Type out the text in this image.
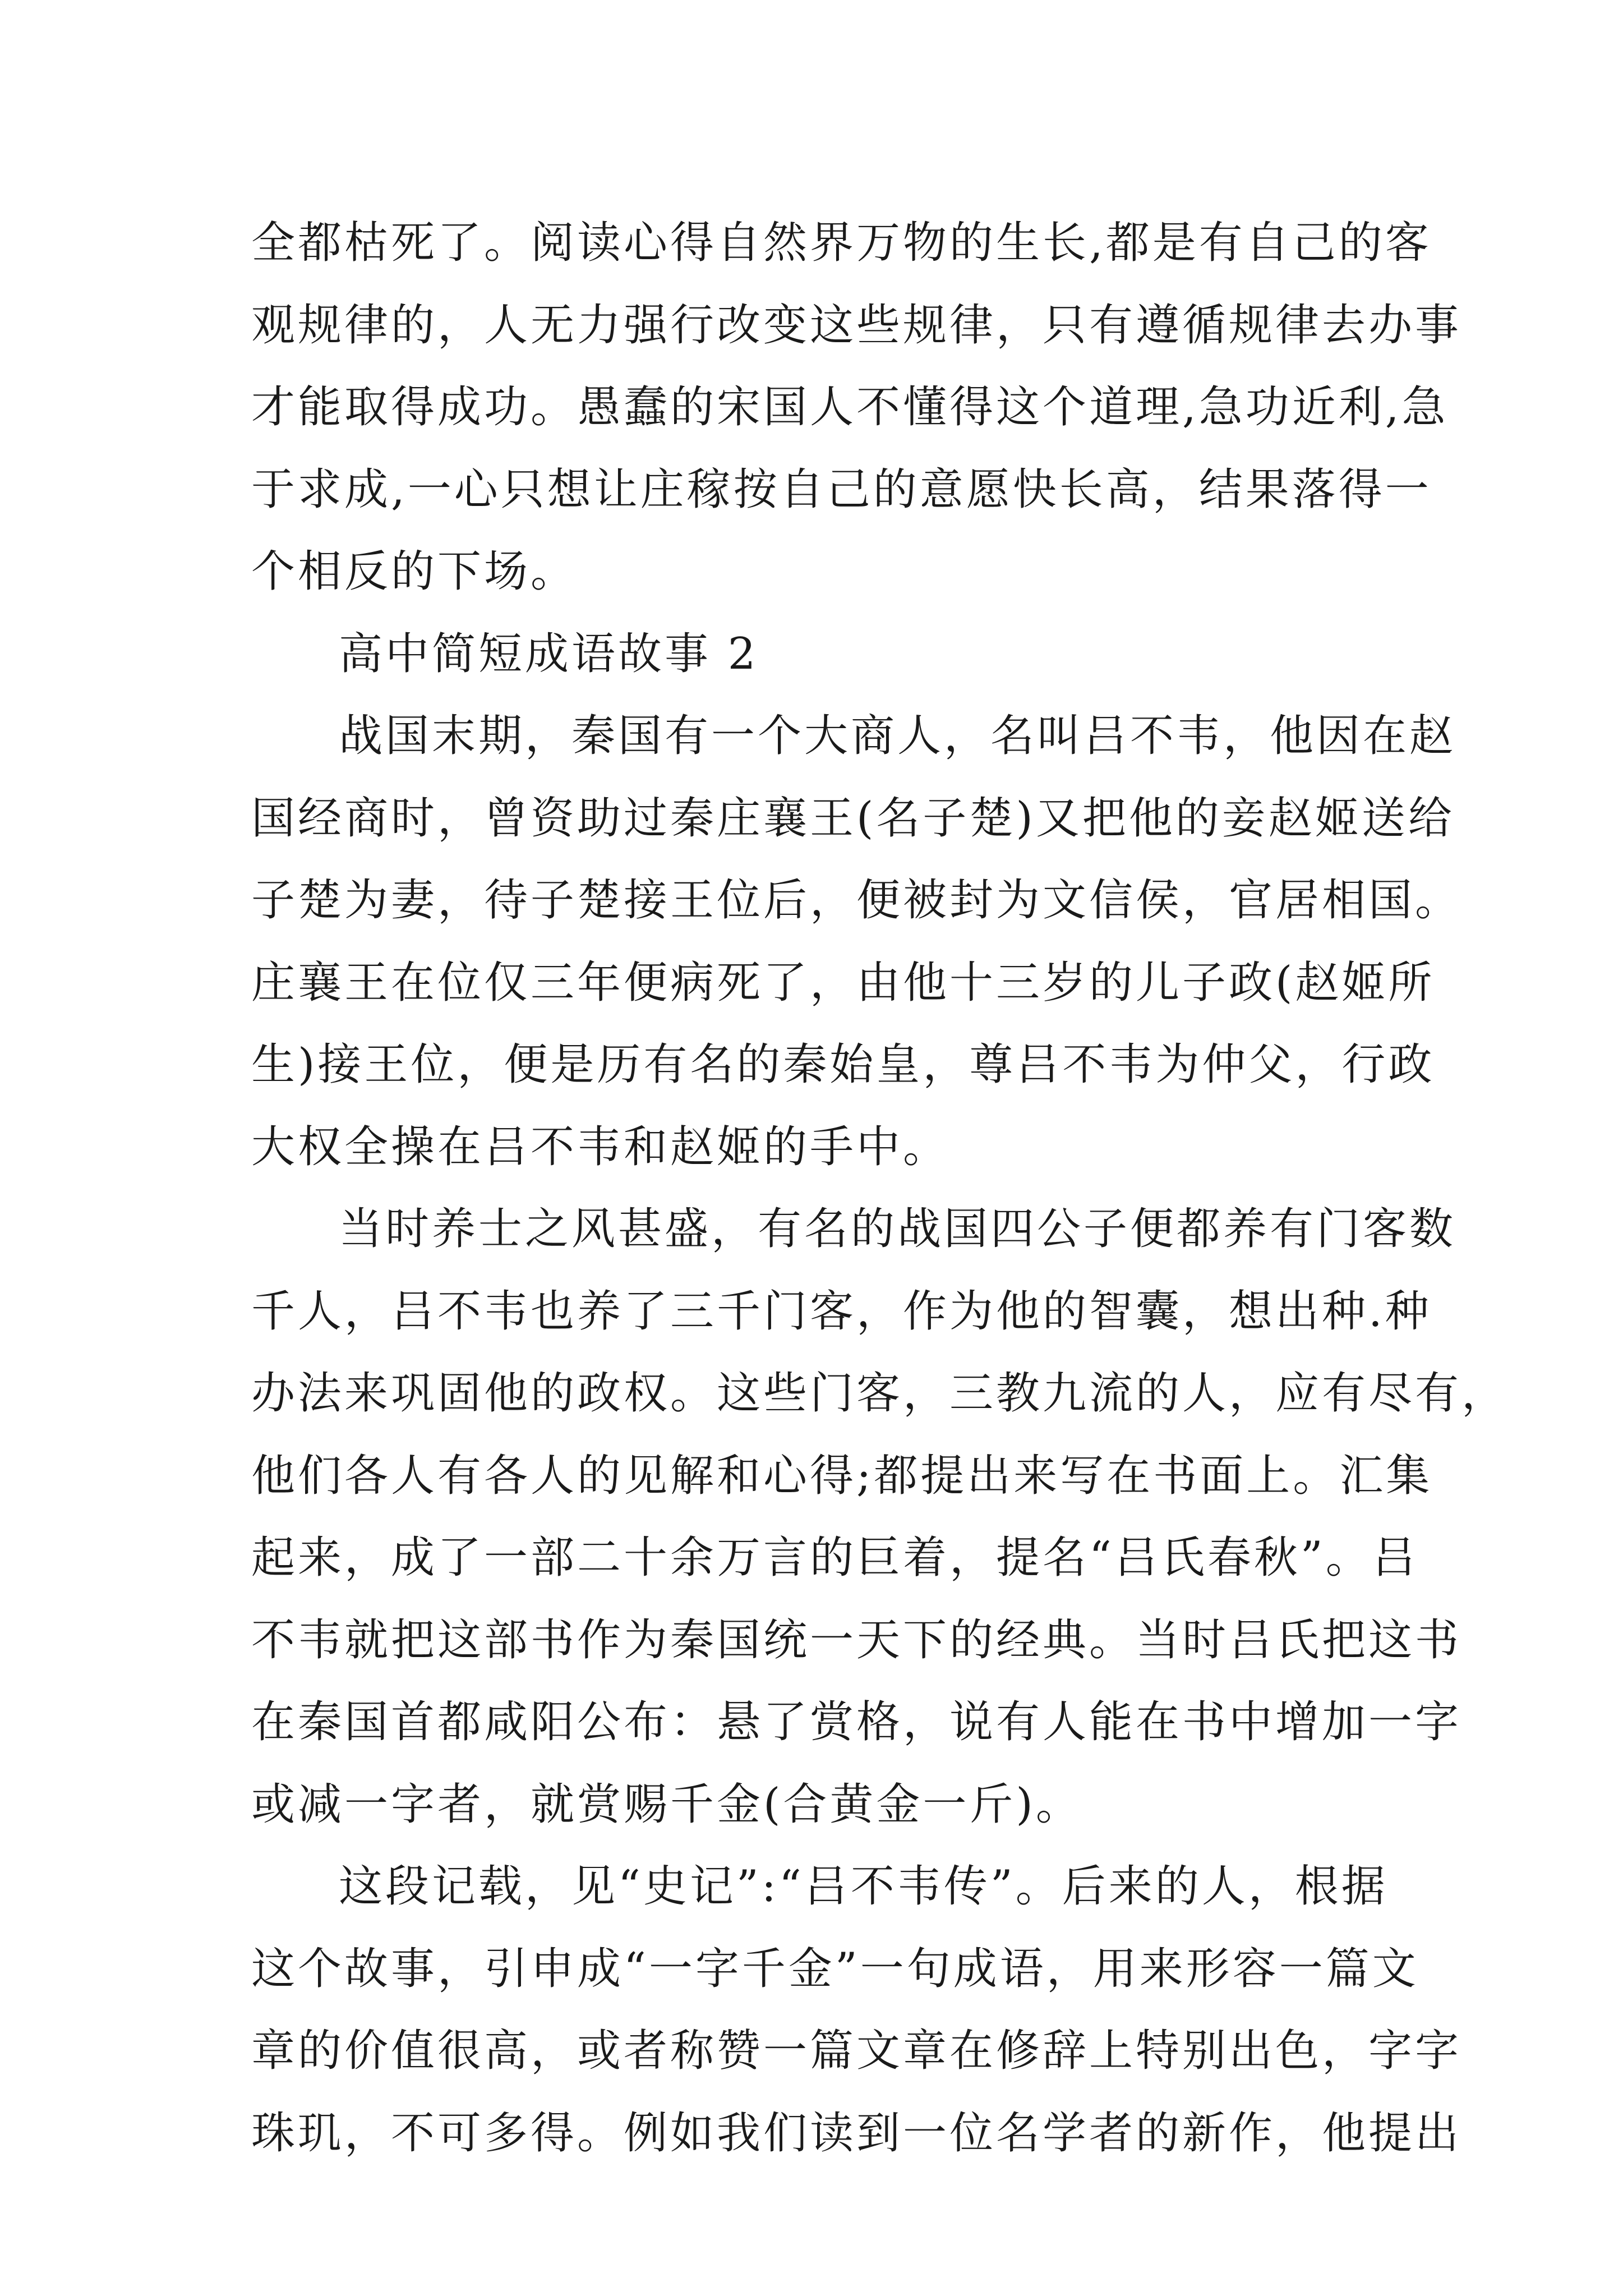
全都枯死了。阅读心得自然界万物的生长,都是有自己的客
观规律的，人无力强行改变这些规律，只有遵循规律去办事
才能取得成功。愚蠢的宋国人不懂得这个道理,急功近利,急
于求成,一心只想让庄稼按自己的意愿快长高，结果落得一
个相反的下场。
高中简短成语故事 2
战国末期，秦国有一个大商人，名叫吕不韦，他因在赵
国经商时，曾资助过秦庄襄王(名子楚)又把他的妾赵姬送给
子楚为妻，待子楚接王位后，便被封为文信侯，官居相国。
庄襄王在位仅三年便病死了，由他十三岁的儿子政(赵姬所
生)接王位，便是历有名的秦始皇，尊吕不韦为仲父，行政
大权全操在吕不韦和赵姬的手中。
当时养士之风甚盛，有名的战国四公子便都养有门客数
千人，吕不韦也养了三千门客，作为他的智囊，想出种.种
办法来巩固他的政权。这些门客，三教九流的人，应有尽有，
他们各人有各人的见解和心得;都提出来写在书面上。汇集
起来，成了一部二十余万言的巨着，提名“吕氏春秋”。吕
不韦就把这部书作为秦国统一天下的经典。当时吕氏把这书
在秦国首都咸阳公布：悬了赏格，说有人能在书中增加一字
或减一字者，就赏赐千金(合黄金一斤)。
这段记载，见“史记”:“吕不韦传”。后来的人，根据
这个故事，引申成“一字千金”一句成语，用来形容一篇文
章的价值很高，或者称赞一篇文章在修辞上特别出色，字字
珠玑，不可多得。例如我们读到一位名学者的新作，他提出
